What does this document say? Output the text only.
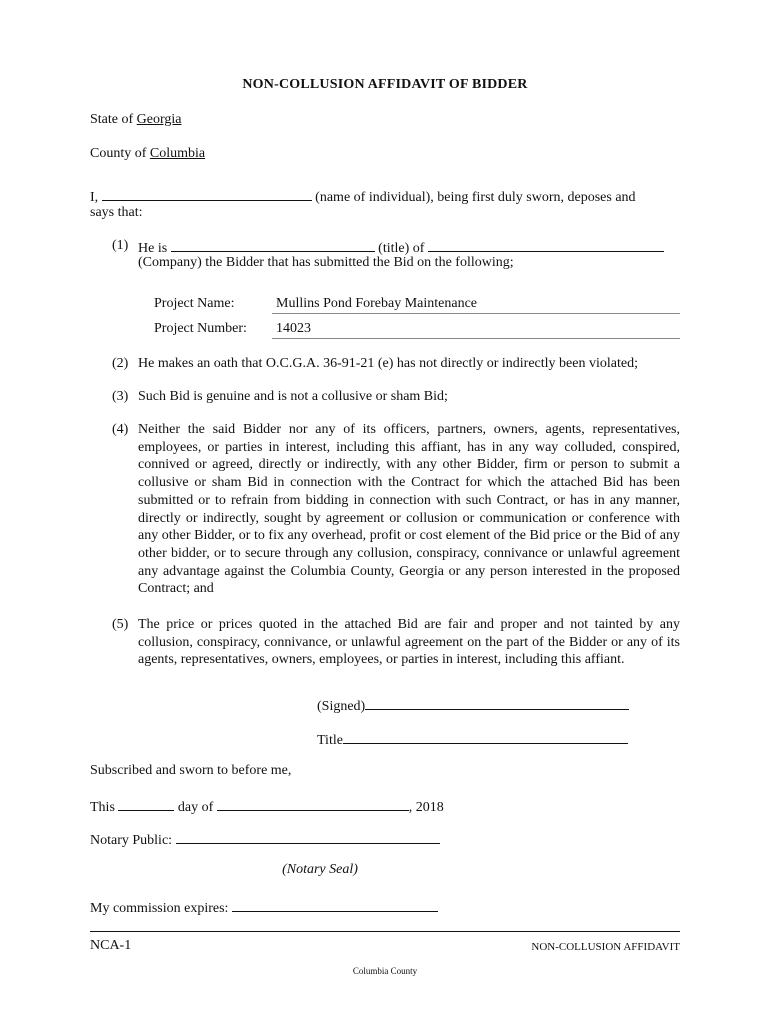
NON-COLLUSION AFFIDAVIT OF BIDDER
State of Georgia
County of Columbia
I,	(name of individual), being first duly sworn, deposes and
says that:
(1) He is	(title) of
(Company) the Bidder that has submitted the Bid on the following;
Project Name:	Mullins Pond Forebay Maintenance
Project Number: 14023
(2) He makes an oath that O.C.G.A. 36-91-21 (e) has not directly or indirectly been violated;
(3) Such Bid is genuine and is not a collusive or sham Bid;
(4) Neither the said Bidder nor any of its officers, partners, owners, agents, representatives, employees, or parties in interest, including this affiant, has in any way colluded, conspired, connived or agreed, directly or indirectly, with any other Bidder, firm or person to submit a collusive or sham Bid in connection with the Contract for which the attached Bid has been submitted or to refrain from bidding in connection with such Contract, or has in any manner, directly or indirectly, sought by agreement or collusion or communication or conference with any other Bidder, or to fix any overhead, profit or cost element of the Bid price or the Bid of any other bidder, or to secure through any collusion, conspiracy, connivance or unlawful agreement any advantage against the Columbia County, Georgia or any person interested in the proposed Contract; and
(5) The price or prices quoted in the attached Bid are fair and proper and not tainted by any collusion, conspiracy, connivance, or unlawful agreement on the part of the Bidder or any of its agents, representatives, owners, employees, or parties in interest, including this affiant.
(Signed)
Title
Subscribed and sworn to before me,
This	day of	, 2018
Notary Public:
(Notary Seal)
My commission expires:
NCA-1	NON-COLLUSION AFFIDAVIT
Columbia County
